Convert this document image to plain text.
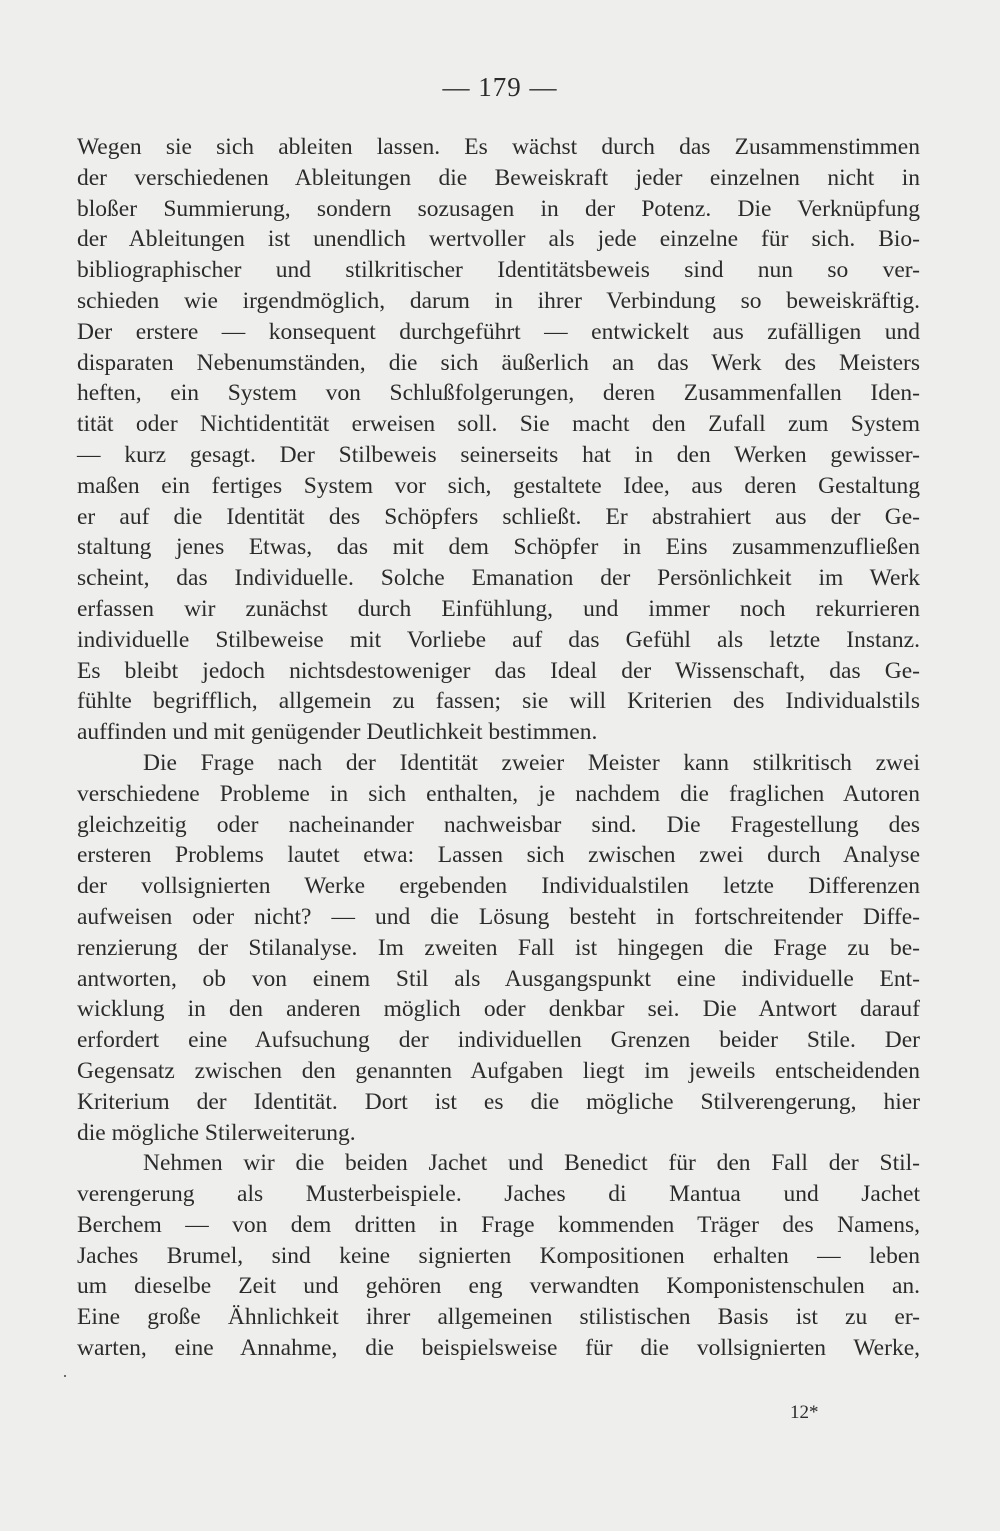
— 179 —
Wegen sie sich ableiten lassen. Es wächst durch das Zusammenstimmen
der verschiedenen Ableitungen die Beweiskraft jeder einzelnen nicht in
bloßer Summierung, sondern sozusagen in der Potenz. Die Verknüpfung
der Ableitungen ist unendlich wertvoller als jede einzelne für sich. Bio-
bibliographischer und stilkritischer Identitätsbeweis sind nun so ver-
schieden wie irgendmöglich, darum in ihrer Verbindung so beweiskräftig.
Der erstere — konsequent durchgeführt — entwickelt aus zufälligen und
disparaten Nebenumständen, die sich äußerlich an das Werk des Meisters
heften, ein System von Schlußfolgerungen, deren Zusammenfallen Iden-
tität oder Nichtidentität erweisen soll. Sie macht den Zufall zum System
— kurz gesagt. Der Stilbeweis seinerseits hat in den Werken gewisser-
maßen ein fertiges System vor sich, gestaltete Idee, aus deren Gestaltung
er auf die Identität des Schöpfers schließt. Er abstrahiert aus der Ge-
staltung jenes Etwas, das mit dem Schöpfer in Eins zusammenzufließen
scheint, das Individuelle. Solche Emanation der Persönlichkeit im Werk
erfassen wir zunächst durch Einfühlung, und immer noch rekurrieren
individuelle Stilbeweise mit Vorliebe auf das Gefühl als letzte Instanz.
Es bleibt jedoch nichtsdestoweniger das Ideal der Wissenschaft, das Ge-
fühlte begrifflich, allgemein zu fassen; sie will Kriterien des Individualstils
auffinden und mit genügender Deutlichkeit bestimmen.
Die Frage nach der Identität zweier Meister kann stilkritisch zwei
verschiedene Probleme in sich enthalten, je nachdem die fraglichen Autoren
gleichzeitig oder nacheinander nachweisbar sind. Die Fragestellung des
ersteren Problems lautet etwa: Lassen sich zwischen zwei durch Analyse
der vollsignierten Werke ergebenden Individualstilen letzte Differenzen
aufweisen oder nicht? — und die Lösung besteht in fortschreitender Diffe-
renzierung der Stilanalyse. Im zweiten Fall ist hingegen die Frage zu be-
antworten, ob von einem Stil als Ausgangspunkt eine individuelle Ent-
wicklung in den anderen möglich oder denkbar sei. Die Antwort darauf
erfordert eine Aufsuchung der individuellen Grenzen beider Stile. Der
Gegensatz zwischen den genannten Aufgaben liegt im jeweils entscheidenden
Kriterium der Identität. Dort ist es die mögliche Stilverengerung, hier
die mögliche Stilerweiterung.
Nehmen wir die beiden Jachet und Benedict für den Fall der Stil-
verengerung als Musterbeispiele. Jaches di Mantua und Jachet
Berchem — von dem dritten in Frage kommenden Träger des Namens,
Jaches Brumel, sind keine signierten Kompositionen erhalten — leben
um dieselbe Zeit und gehören eng verwandten Komponistenschulen an.
Eine große Ähnlichkeit ihrer allgemeinen stilistischen Basis ist zu er-
warten, eine Annahme, die beispielsweise für die vollsignierten Werke,
12*
·
